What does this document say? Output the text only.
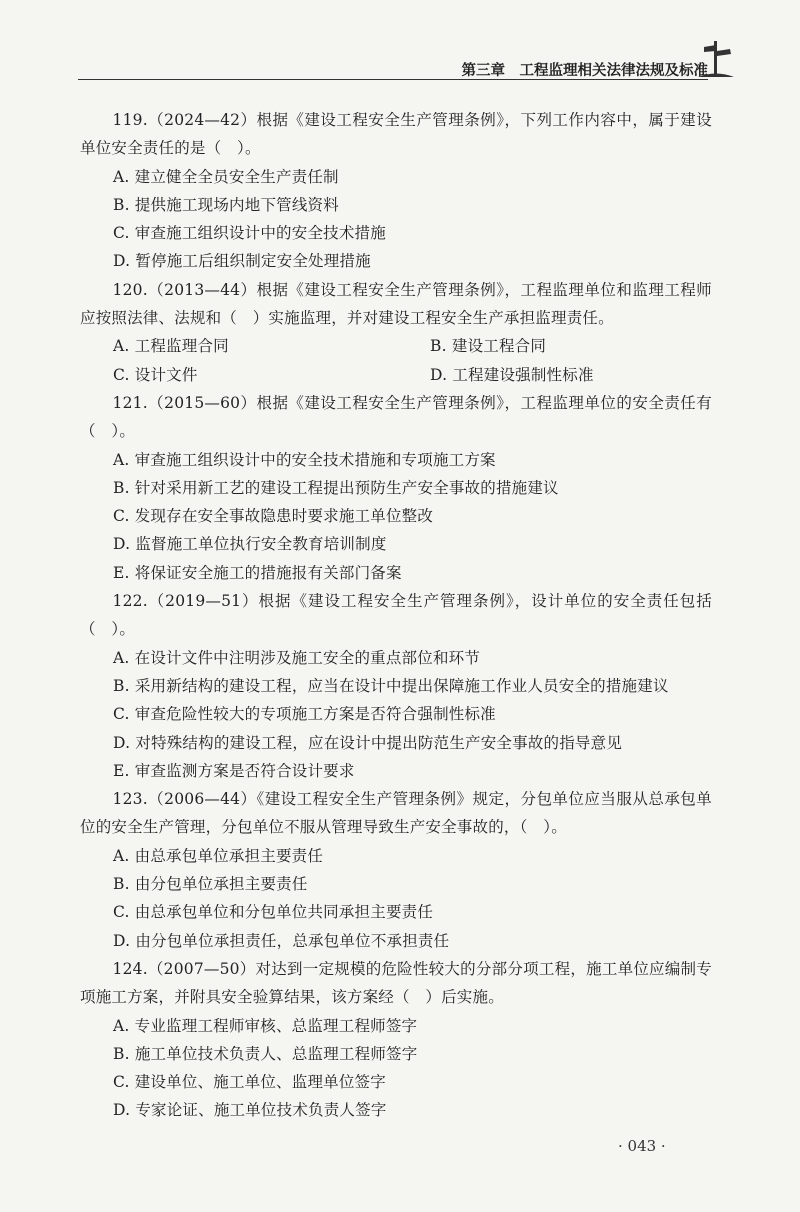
第三章　工程监理相关法律法规及标准

119.（2024—42）根据《建设工程安全生产管理条例》，下列工作内容中，属于建设单位安全责任的是（　）。

A. 建立健全全员安全生产责任制

B. 提供施工现场内地下管线资料

C. 审查施工组织设计中的安全技术措施

D. 暂停施工后组织制定安全处理措施

120.（2013—44）根据《建设工程安全生产管理条例》，工程监理单位和监理工程师应按照法律、法规和（　）实施监理，并对建设工程安全生产承担监理责任。

A. 工程监理合同	B. 建设工程合同

C. 设计文件	D. 工程建设强制性标准

121.（2015—60）根据《建设工程安全生产管理条例》，工程监理单位的安全责任有（　）。

A. 审查施工组织设计中的安全技术措施和专项施工方案

B. 针对采用新工艺的建设工程提出预防生产安全事故的措施建议

C. 发现存在安全事故隐患时要求施工单位整改

D. 监督施工单位执行安全教育培训制度

E. 将保证安全施工的措施报有关部门备案

122.（2019—51）根据《建设工程安全生产管理条例》，设计单位的安全责任包括（　）。

A. 在设计文件中注明涉及施工安全的重点部位和环节

B. 采用新结构的建设工程，应当在设计中提出保障施工作业人员安全的措施建议

C. 审查危险性较大的专项施工方案是否符合强制性标准

D. 对特殊结构的建设工程，应在设计中提出防范生产安全事故的指导意见

E. 审查监测方案是否符合设计要求

123.（2006—44）《建设工程安全生产管理条例》规定，分包单位应当服从总承包单位的安全生产管理，分包单位不服从管理导致生产安全事故的，（　）。

A. 由总承包单位承担主要责任

B. 由分包单位承担主要责任

C. 由总承包单位和分包单位共同承担主要责任

D. 由分包单位承担责任，总承包单位不承担责任

124.（2007—50）对达到一定规模的危险性较大的分部分项工程，施工单位应编制专项施工方案，并附具安全验算结果，该方案经（　）后实施。

A. 专业监理工程师审核、总监理工程师签字

B. 施工单位技术负责人、总监理工程师签字

C. 建设单位、施工单位、监理单位签字

D. 专家论证、施工单位技术负责人签字

· 043 ·
